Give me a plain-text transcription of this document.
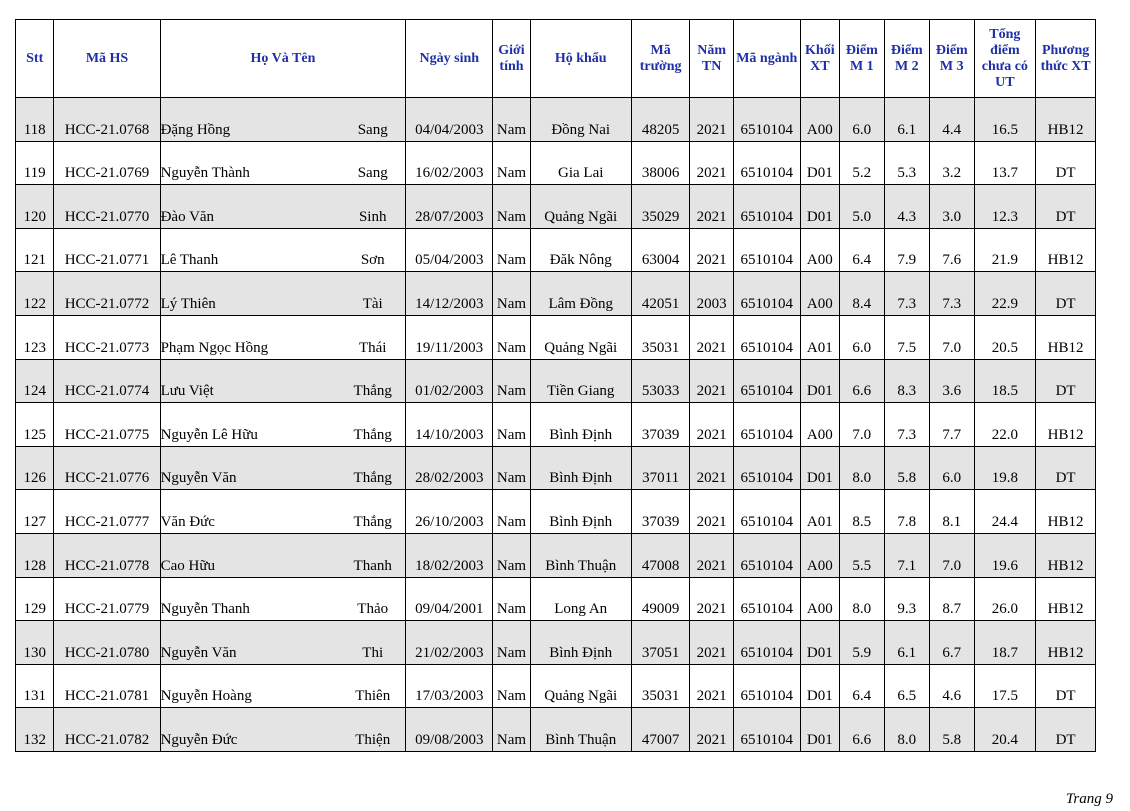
Stt	Mã HS	Họ Và Tên		Ngày sinh	Giới tính	Hộ khẩu	Mã trường	Năm TN	Mã ngành	Khối XT	Điểm M 1	Điểm M 2	Điểm M 3	Tổng điểm chưa có UT	Phương thức XT
118	HCC-21.0768	Đặng Hồng	Sang	04/04/2003	Nam	Đồng Nai	48205	2021	6510104	A00	6.0	6.1	4.4	16.5	HB12
119	HCC-21.0769	Nguyễn Thành	Sang	16/02/2003	Nam	Gia Lai	38006	2021	6510104	D01	5.2	5.3	3.2	13.7	DT
120	HCC-21.0770	Đào Văn	Sinh	28/07/2003	Nam	Quảng Ngãi	35029	2021	6510104	D01	5.0	4.3	3.0	12.3	DT
121	HCC-21.0771	Lê Thanh	Sơn	05/04/2003	Nam	Đăk Nông	63004	2021	6510104	A00	6.4	7.9	7.6	21.9	HB12
122	HCC-21.0772	Lý Thiên	Tài	14/12/2003	Nam	Lâm Đồng	42051	2003	6510104	A00	8.4	7.3	7.3	22.9	DT
123	HCC-21.0773	Phạm Ngọc Hồng	Thái	19/11/2003	Nam	Quảng Ngãi	35031	2021	6510104	A01	6.0	7.5	7.0	20.5	HB12
124	HCC-21.0774	Lưu Việt	Thắng	01/02/2003	Nam	Tiền Giang	53033	2021	6510104	D01	6.6	8.3	3.6	18.5	DT
125	HCC-21.0775	Nguyễn Lê Hữu	Thắng	14/10/2003	Nam	Bình Định	37039	2021	6510104	A00	7.0	7.3	7.7	22.0	HB12
126	HCC-21.0776	Nguyễn Văn	Thắng	28/02/2003	Nam	Bình Định	37011	2021	6510104	D01	8.0	5.8	6.0	19.8	DT
127	HCC-21.0777	Văn Đức	Thắng	26/10/2003	Nam	Bình Định	37039	2021	6510104	A01	8.5	7.8	8.1	24.4	HB12
128	HCC-21.0778	Cao Hữu	Thanh	18/02/2003	Nam	Bình Thuận	47008	2021	6510104	A00	5.5	7.1	7.0	19.6	HB12
129	HCC-21.0779	Nguyễn Thanh	Thảo	09/04/2001	Nam	Long An	49009	2021	6510104	A00	8.0	9.3	8.7	26.0	HB12
130	HCC-21.0780	Nguyễn Văn	Thi	21/02/2003	Nam	Bình Định	37051	2021	6510104	D01	5.9	6.1	6.7	18.7	HB12
131	HCC-21.0781	Nguyễn Hoàng	Thiên	17/03/2003	Nam	Quảng Ngãi	35031	2021	6510104	D01	6.4	6.5	4.6	17.5	DT
132	HCC-21.0782	Nguyễn Đức	Thiện	09/08/2003	Nam	Bình Thuận	47007	2021	6510104	D01	6.6	8.0	5.8	20.4	DT
Trang 9
